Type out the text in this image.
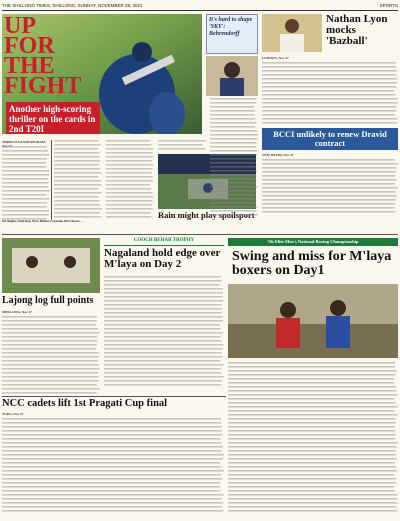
THE SHILLONG TIMES, SHILLONG, SUNDAY, NOVEMBER 28, 2021	SPORTS
UP
FOR
THE
FIGHT
Another high-scoring thriller on the cards in 2nd T20I
It's hard to shape 'SKY': Behrendorff
Nathan Lyon mocks 'Bazball'
THIRUVANANTHAPURAM, Nov 27
LONDON, Nov 27
BCCI unlikely to renew Dravid contract
NEW DELHI, Nov 27
Rain might play spoilsport
Mr Singha, Chairman, NSA; Bishnu S Guzmán, BSS; Ricoro ...
COOCH BEHAR TROPHY
Nagaland hold edge over M'laya on Day 2
7th Elite Men's National Boxing Championship
Swing and miss for M'laya boxers on Day1
Lajong log full points
SHILLONG, Nov 27
NCC cadets lift 1st Pragati Cup final
TURA, Nov 27
